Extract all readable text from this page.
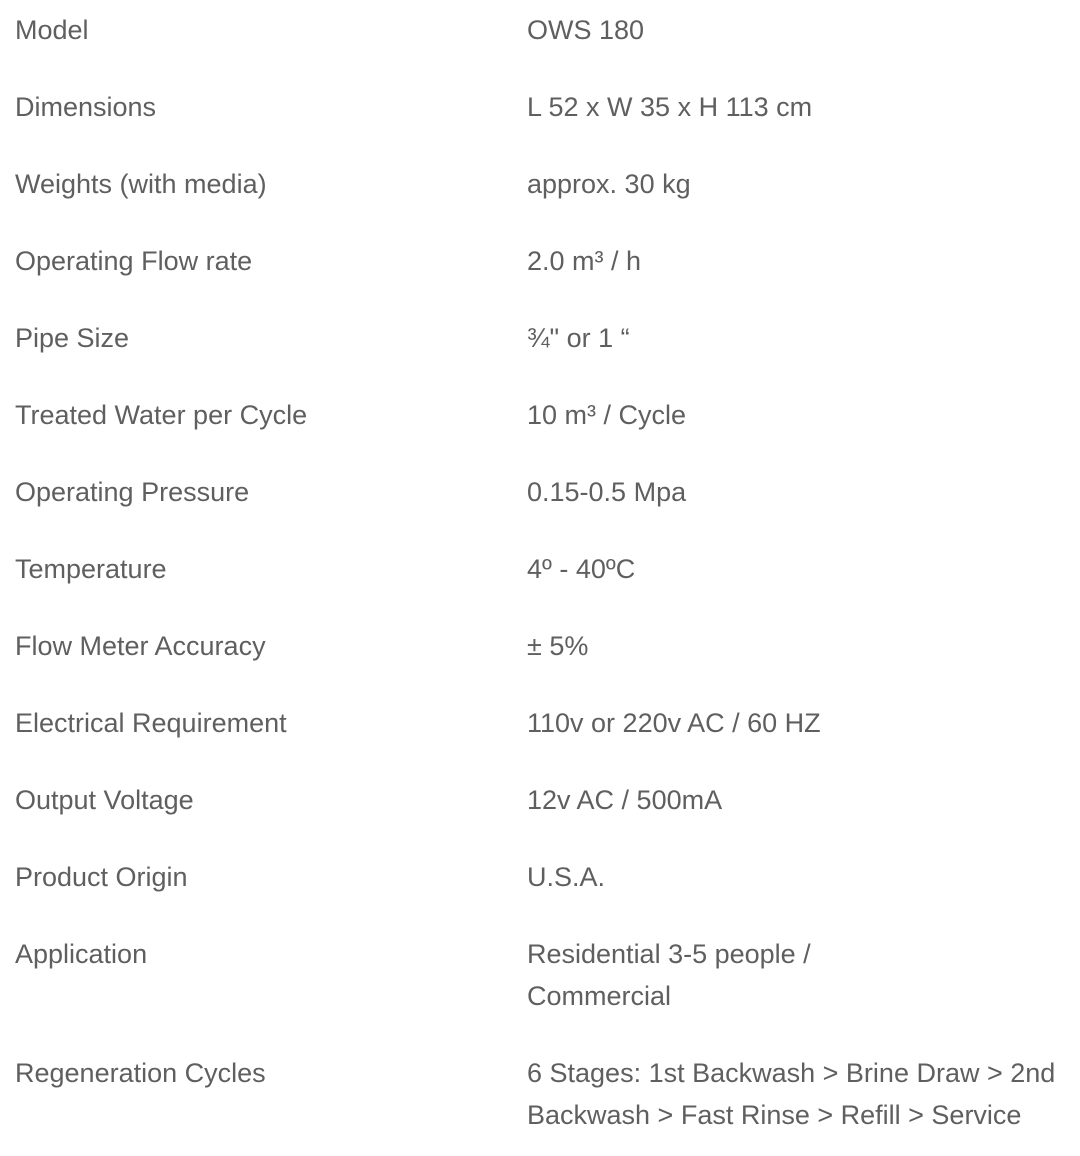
Model	OWS 180
Dimensions	L 52 x W 35 x H 113 cm
Weights (with media)	approx. 30 kg
Operating Flow rate	2.0 m³ / h
Pipe Size	¾" or 1 “
Treated Water per Cycle	10 m³ / Cycle
Operating Pressure	0.15-0.5 Mpa
Temperature	4º - 40ºC
Flow Meter Accuracy	± 5%
Electrical Requirement	110v or 220v AC / 60 HZ
Output Voltage	12v AC / 500mA
Product Origin	U.S.A.
Application	Residential 3-5 people /
Commercial
Regeneration Cycles	6 Stages: 1st Backwash > Brine Draw > 2nd
Backwash > Fast Rinse > Refill > Service
